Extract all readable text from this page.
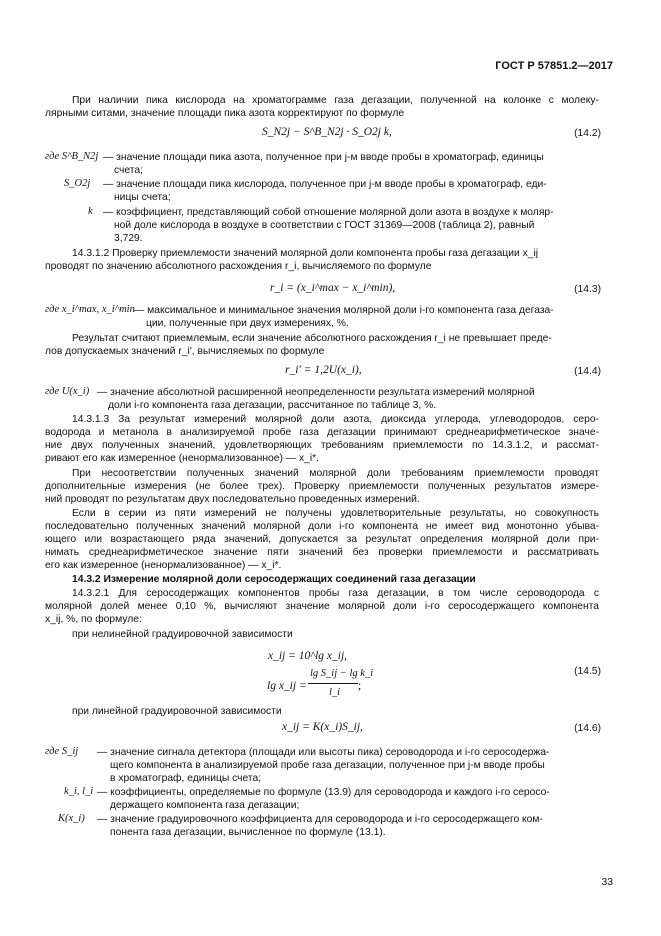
ГОСТ Р 57851.2—2017
При наличии пика кислорода на хроматограмме газа дегазации, полученной на колонке с молеку-
лярными ситами, значение площади пика азота корректируют по формуле
S_N2j − S^B_N2j · S_O2j k,	(14.2)
где S^B_N2j — значение площади пика азота, полученное при j-м вводе пробы в хроматограф, единицы
счета;
S_O2j — значение площади пика кислорода, полученное при j-м вводе пробы в хроматограф, еди-
ницы счета;
k — коэффициент, представляющий собой отношение молярной доли азота в воздухе к моляр-
ной доле кислорода в воздухе в соответствии с ГОСТ 31369—2008 (таблица 2), равный
3,729.
14.3.1.2 Проверку приемлемости значений молярной доли компонента пробы газа дегазации x_ij
проводят по значению абсолютного расхождения r_i, вычисляемого по формуле
r_i = (x_i^max − x_i^min),	(14.3)
где x_i^max, x_i^min — максимальное и минимальное значения молярной доли i-го компонента газа дегаза-
ции, полученные при двух измерениях, %.
Результат считают приемлемым, если значение абсолютного расхождения r_i не превышает преде-
лов допускаемых значений r_i', вычисляемых по формуле
r_i' = 1,2U(x_i),	(14.4)
где U(x_i) — значение абсолютной расширенной неопределенности результата измерений молярной
доли i-го компонента газа дегазации, рассчитанное по таблице 3, %.
14.3.1.3 За результат измерений молярной доли азота, диоксида углерода, углеводородов, серо-
водорода и метанола в анализируемой пробе газа дегазации принимают среднеарифметическое значе-
ние двух полученных значений, удовлетворяющих требованиям приемлемости по 14.3.1.2, и рассмат-
ривают его как измеренное (ненормализованное) — x_i*.
При несоответствии полученных значений молярной доли требованиям приемлемости проводят
дополнительные измерения (не более трех). Проверку приемлемости полученных результатов измере-
ний проводят по результатам двух последовательно проведенных измерений.
Если в серии из пяти измерений не получены удовлетворительные результаты, но совокупность
последовательно полученных значений молярной доли i-го компонента не имеет вид монотонно убыва-
ющего или возрастающего ряда значений, допускается за результат определения молярной доли при-
нимать среднеарифметическое значение пяти значений без проверки приемлемости и рассматривать
его как измеренное (ненормализованное) — x_i*.
14.3.2 Измерение молярной доли серосодержащих соединений газа дегазации
14.3.2.1 Для серосодержащих компонентов пробы газа дегазации, в том числе сероводорода с
молярной долей менее 0,10 %, вычисляют значение молярной доли i-го серосодержащего компонента
x_ij, %, по формуле:
при нелинейной градуировочной зависимости
x_ij = 10^lg x_ij,
lg x_ij =
lg S_ij − lg k_i
l_i
;
(14.5)
при линейной градуировочной зависимости
x_ij = K(x_i)S_ij,	(14.6)
где S_ij — значение сигнала детектора (площади или высоты пика) сероводорода и i-го серосодержа-
щего компонента в анализируемой пробе газа дегазации, полученное при j-м вводе пробы
в хроматограф, единицы счета;
k_i, l_i — коэффициенты, определяемые по формуле (13.9) для сероводорода и каждого i-го серосо-
держащего компонента газа дегазации;
K(x_i) — значение градуировочного коэффициента для сероводорода и i-го серосодержащего ком-
понента газа дегазации, вычисленное по формуле (13.1).
33
